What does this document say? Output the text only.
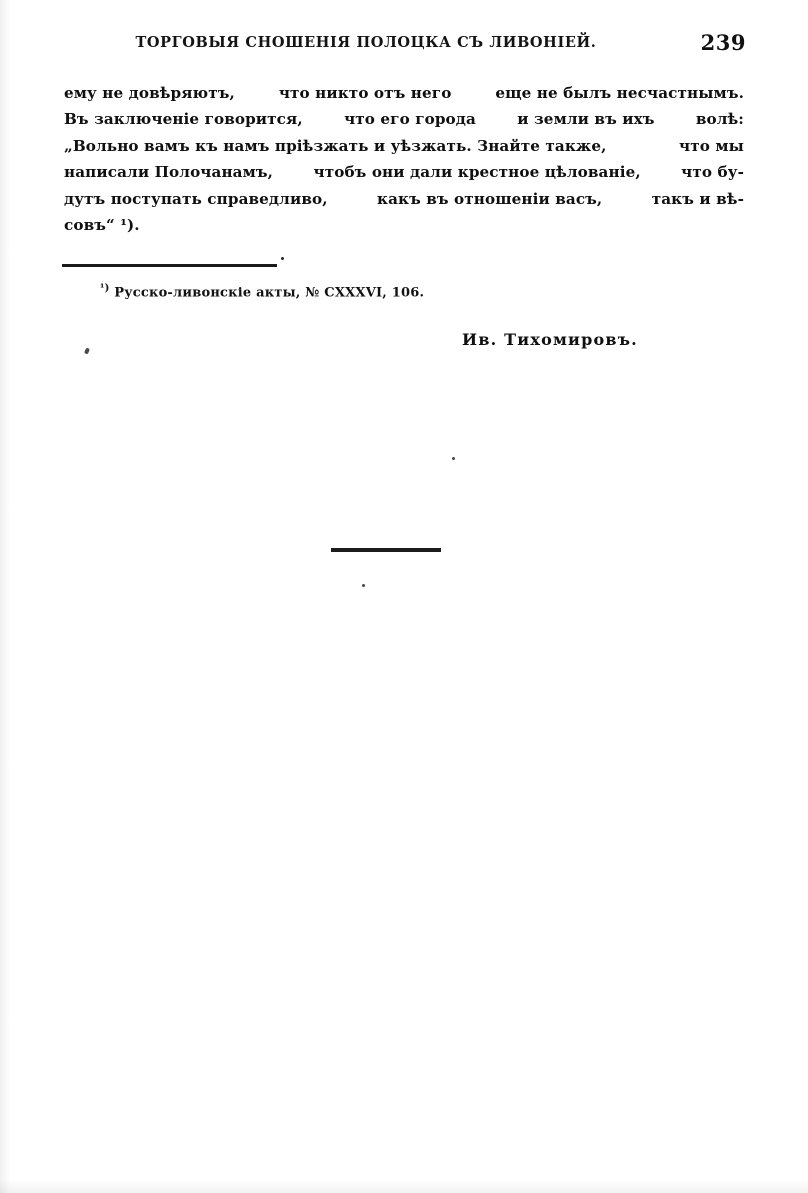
ТОРГОВЫЯ СНОШЕНІЯ ПОЛОЦКА СЪ ЛИВОНІЕЙ.	239
ему не довѣряютъ,	что никто отъ него	еще не былъ несчастнымъ.
Въ заключеніе говорится,	что его города	и земли въ ихъ	волѣ:
„Вольно вамъ къ намъ пріѣзжать и уѣзжать. Знайте также,	что мы
написали Полочанамъ,	чтобъ они дали крестное цѣлованіе,	что бу-
дутъ поступать справедливо,	какъ въ отношеніи васъ,	такъ и вѣ-
совъ“ ¹).
$^{^1)}$ Русско-ливонскіе акты, № CXXXVI, 106.
Ив. Тихомировъ.
